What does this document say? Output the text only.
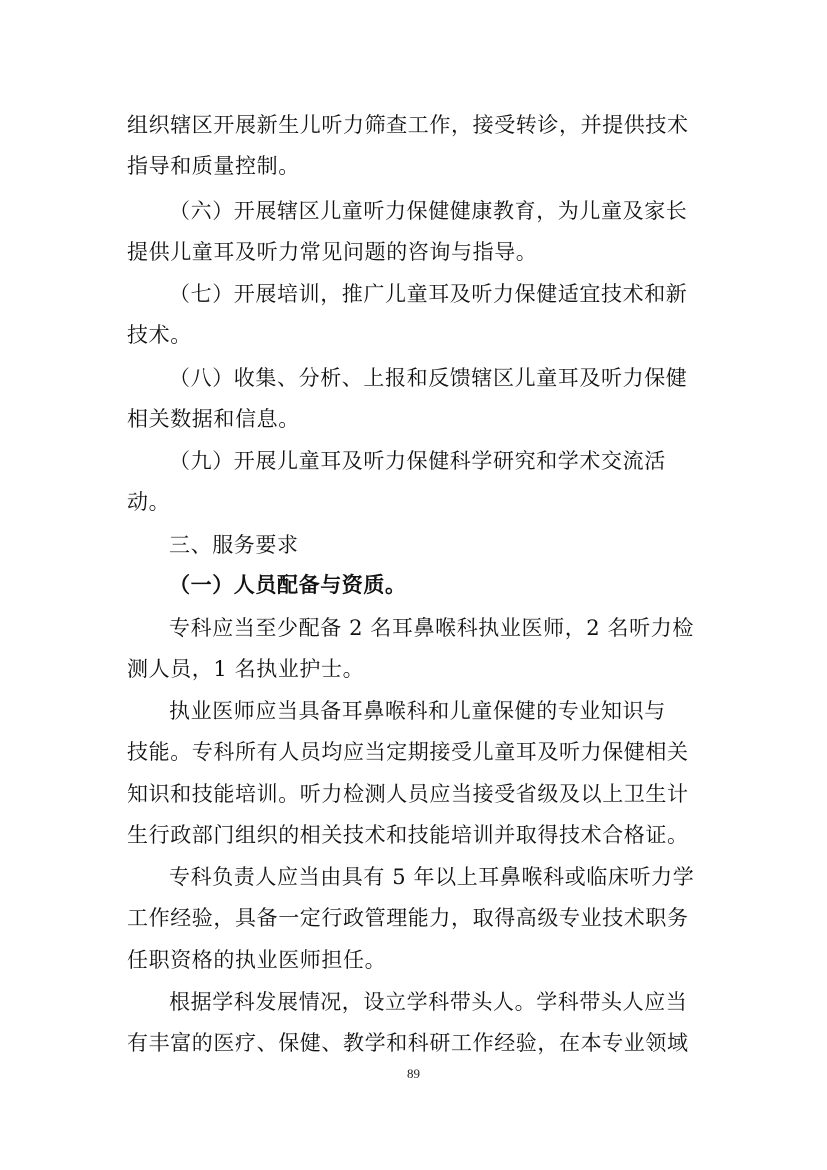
组织辖区开展新生儿听力筛查工作，接受转诊，并提供技术
指导和质量控制。
（六）开展辖区儿童听力保健健康教育，为儿童及家长
提供儿童耳及听力常见问题的咨询与指导。
（七）开展培训，推广儿童耳及听力保健适宜技术和新
技术。
（八）收集、分析、上报和反馈辖区儿童耳及听力保健
相关数据和信息。
（九）开展儿童耳及听力保健科学研究和学术交流活
动。
三、服务要求
（一）人员配备与资质。
专科应当至少配备 2 名耳鼻喉科执业医师，2 名听力检
测人员，1 名执业护士。
执业医师应当具备耳鼻喉科和儿童保健的专业知识与
技能。专科所有人员均应当定期接受儿童耳及听力保健相关
知识和技能培训。听力检测人员应当接受省级及以上卫生计
生行政部门组织的相关技术和技能培训并取得技术合格证。
专科负责人应当由具有 5 年以上耳鼻喉科或临床听力学
工作经验，具备一定行政管理能力，取得高级专业技术职务
任职资格的执业医师担任。
根据学科发展情况，设立学科带头人。学科带头人应当
有丰富的医疗、保健、教学和科研工作经验，在本专业领域
89
